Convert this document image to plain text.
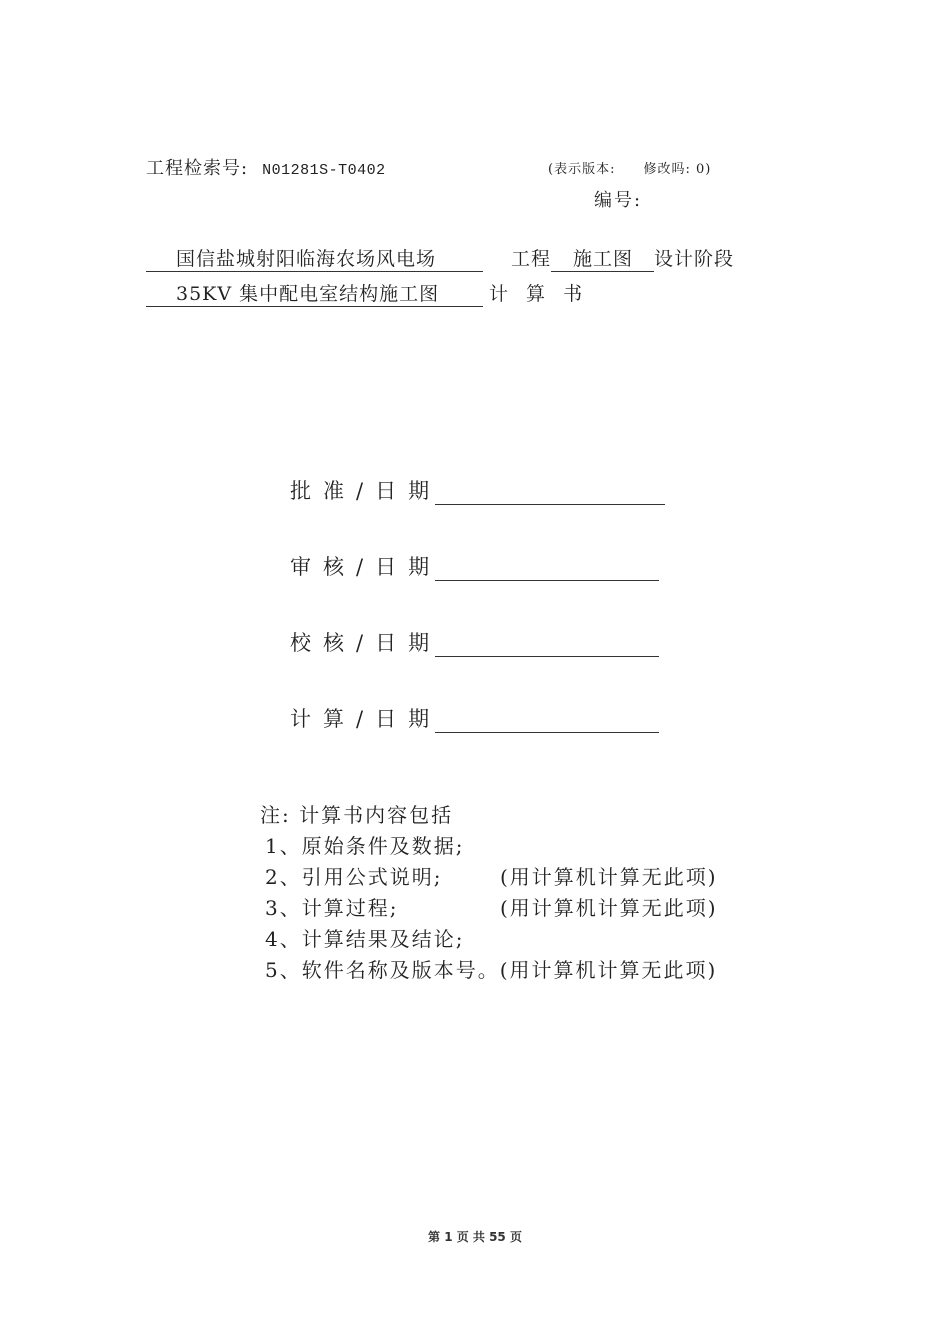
工程检索号: N01281S-T0402	(表示版本: 修改吗: 0)
编号:
国信盐城射阳临海农场风电场	工程 施工图 设计阶段
35KV 集中配电室结构施工图	计 算 书
批准/日期
审核/日期
校核/日期
计算/日期
注: 计算书内容包括
1、原始条件及数据;
2、引用公式说明;	(用计算机计算无此项)
3、计算过程;	(用计算机计算无此项)
4、计算结果及结论;
5、软件名称及版本号。 (用计算机计算无此项)
第 1 页 共 55 页
